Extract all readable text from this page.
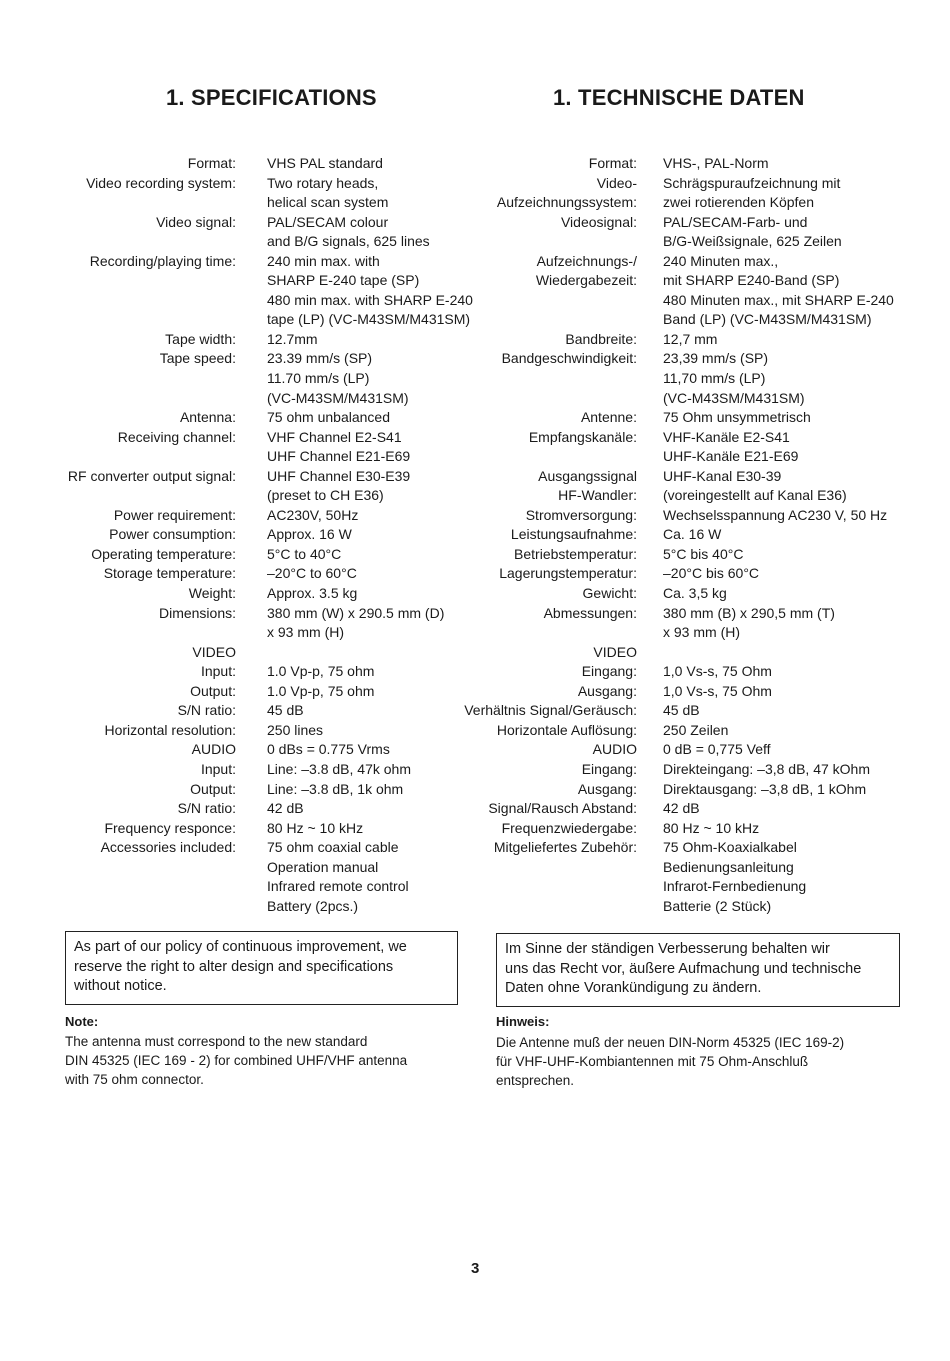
1. SPECIFICATIONS
Format: VHS PAL standard
Video recording system: Two rotary heads,
helical scan system
Video signal: PAL/SECAM colour
and B/G signals, 625 lines
Recording/playing time: 240 min max. with
SHARP E-240 tape (SP)
480 min max. with SHARP E-240
tape (LP) (VC-M43SM/M431SM)
Tape width: 12.7mm
Tape speed: 23.39 mm/s (SP)
11.70 mm/s (LP)
(VC-M43SM/M431SM)
Antenna: 75 ohm unbalanced
Receiving channel: VHF Channel E2-S41
UHF Channel E21-E69
RF converter output signal: UHF Channel E30-E39
(preset to CH E36)
Power requirement: AC230V, 50Hz
Power consumption: Approx. 16 W
Operating temperature: 5°C to 40°C
Storage temperature: –20°C to 60°C
Weight: Approx. 3.5 kg
Dimensions: 380 mm (W) x 290.5 mm (D)
x 93 mm (H)
VIDEO
Input: 1.0 Vp-p, 75 ohm
Output: 1.0 Vp-p, 75 ohm
S/N ratio: 45 dB
Horizontal resolution: 250 lines
AUDIO 0 dBs = 0.775 Vrms
Input: Line: –3.8 dB, 47k ohm
Output: Line: –3.8 dB, 1k ohm
S/N ratio: 42 dB
Frequency responce: 80 Hz ~ 10 kHz
Accessories included: 75 ohm coaxial cable
Operation manual
Infrared remote control
Battery (2pcs.)
As part of our policy of continuous improvement, we
reserve the right to alter design and specifications
without notice.
Note:
The antenna must correspond to the new standard
DIN 45325 (IEC 169 - 2) for combined UHF/VHF antenna
with 75 ohm connector.
1. TECHNISCHE DATEN
Format: VHS-, PAL-Norm
Video- Schrägspuraufzeichnung mit
Aufzeichnungssystem: zwei rotierenden Köpfen
Videosignal: PAL/SECAM-Farb- und
B/G-Weißsignale, 625 Zeilen
Aufzeichnungs-/ 240 Minuten max.,
Wiedergabezeit: mit SHARP E240-Band (SP)
480 Minuten max., mit SHARP E-240
Band (LP) (VC-M43SM/M431SM)
Bandbreite: 12,7 mm
Bandgeschwindigkeit: 23,39 mm/s (SP)
11,70 mm/s (LP)
(VC-M43SM/M431SM)
Antenne: 75 Ohm unsymmetrisch
Empfangskanäle: VHF-Kanäle E2-S41
UHF-Kanäle E21-E69
Ausgangssignal UHF-Kanal E30-39
HF-Wandler: (voreingestellt auf Kanal E36)
Stromversorgung: Wechselsspannung AC230 V, 50 Hz
Leistungsaufnahme: Ca. 16 W
Betriebstemperatur: 5°C bis 40°C
Lagerungstemperatur: –20°C bis 60°C
Gewicht: Ca. 3,5 kg
Abmessungen: 380 mm (B) x 290,5 mm (T)
x 93 mm (H)
VIDEO
Eingang: 1,0 Vs-s, 75 Ohm
Ausgang: 1,0 Vs-s, 75 Ohm
Verhältnis Signal/Geräusch: 45 dB
Horizontale Auflösung: 250 Zeilen
AUDIO 0 dB = 0,775 Veff
Eingang: Direkteingang: –3,8 dB, 47 kOhm
Ausgang: Direktausgang: –3,8 dB, 1 kOhm
Signal/Rausch Abstand: 42 dB
Frequenzwiedergabe: 80 Hz ~ 10 kHz
Mitgeliefertes Zubehör: 75 Ohm-Koaxialkabel
Bedienungsanleitung
Infrarot-Fernbedienung
Batterie (2 Stück)
Im Sinne der ständigen Verbesserung behalten wir
uns das Recht vor, äußere Aufmachung und technische
Daten ohne Vorankündigung zu ändern.
Hinweis:
Die Antenne muß der neuen DIN-Norm 45325 (IEC 169-2)
für VHF-UHF-Kombiantennen mit 75 Ohm-Anschluß
entsprechen.
3
